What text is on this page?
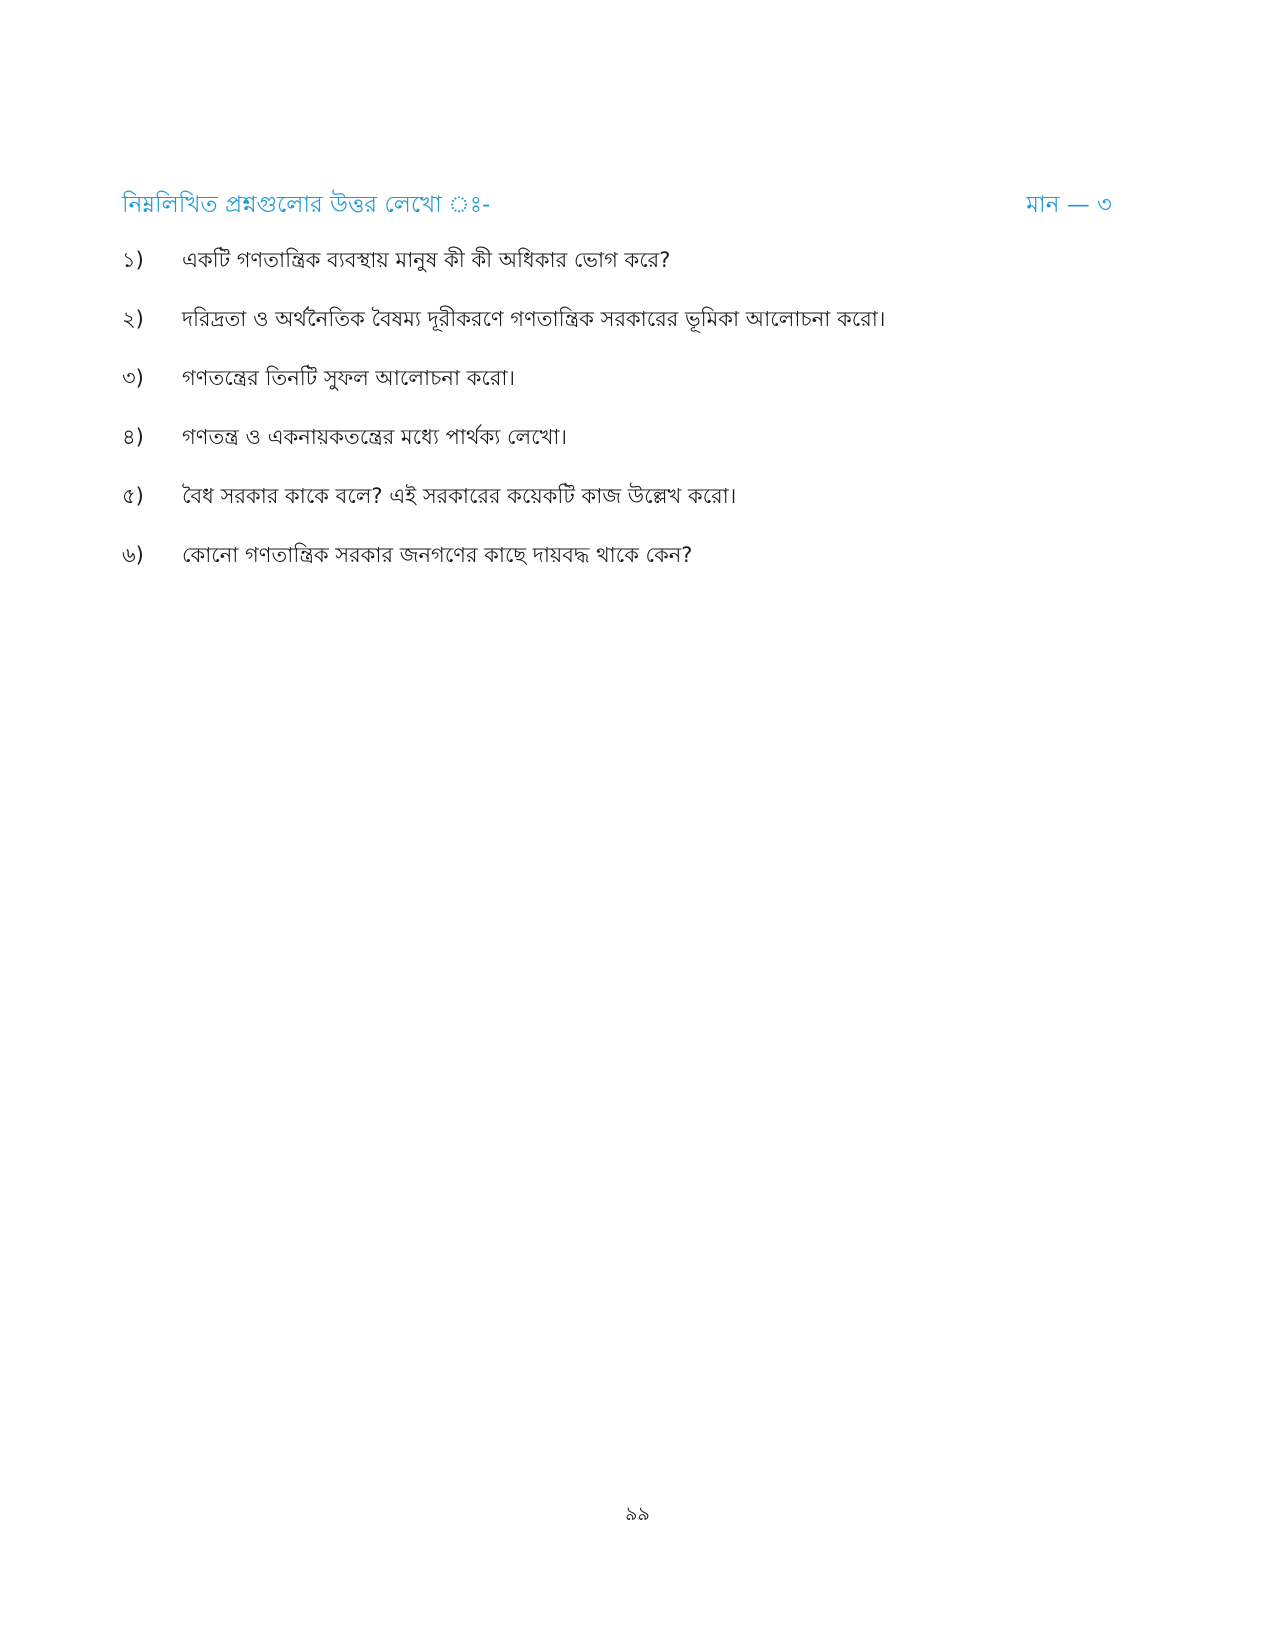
নিম্নলিখিত প্রশ্নগুলোর উত্তর লেখো ঃ-	মান — ৩
১)	একটি গণতান্ত্রিক ব্যবস্থায় মানুষ কী কী অধিকার ভোগ করে?
২)	দরিদ্রতা ও অর্থনৈতিক বৈষম্য দূরীকরণে গণতান্ত্রিক সরকারের ভূমিকা আলোচনা করো।
৩)	গণতন্ত্রের তিনটি সুফল আলোচনা করো।
৪)	গণতন্ত্র ও একনায়কতন্ত্রের মধ্যে পার্থক্য লেখো।
৫)	বৈধ সরকার কাকে বলে? এই সরকারের কয়েকটি কাজ উল্লেখ করো।
৬)	কোনো গণতান্ত্রিক সরকার জনগণের কাছে দায়বদ্ধ থাকে কেন?
৯৯
